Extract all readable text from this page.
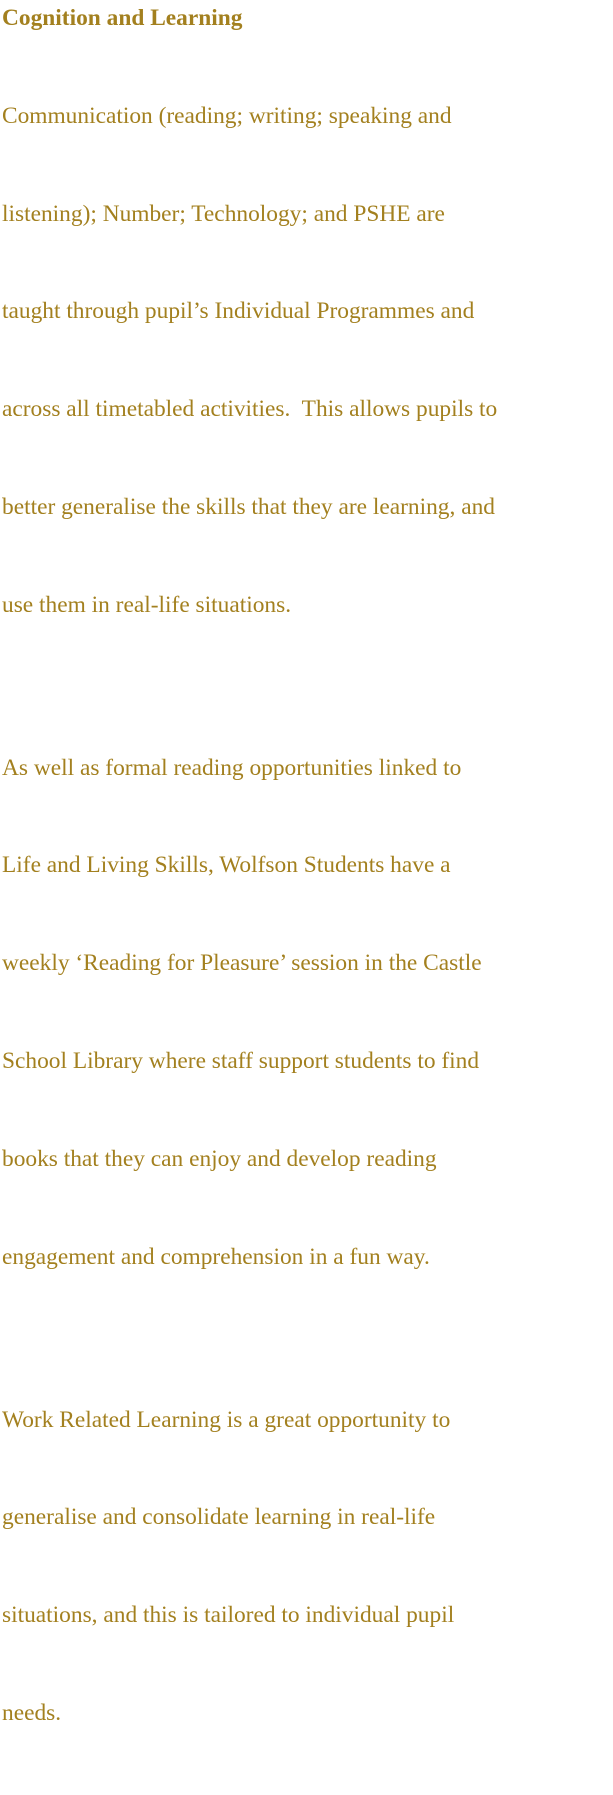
Cognition and Learning

Communication (reading; writing; speaking and

listening); Number; Technology; and PSHE are

taught through pupil’s Individual Programmes and

across all timetabled activities.  This allows pupils to

better generalise the skills that they are learning, and

use them in real-life situations.

As well as formal reading opportunities linked to

Life and Living Skills, Wolfson Students have a

weekly ‘Reading for Pleasure’ session in the Castle

School Library where staff support students to find

books that they can enjoy and develop reading

engagement and comprehension in a fun way.

Work Related Learning is a great opportunity to

generalise and consolidate learning in real-life

situations, and this is tailored to individual pupil

needs.
